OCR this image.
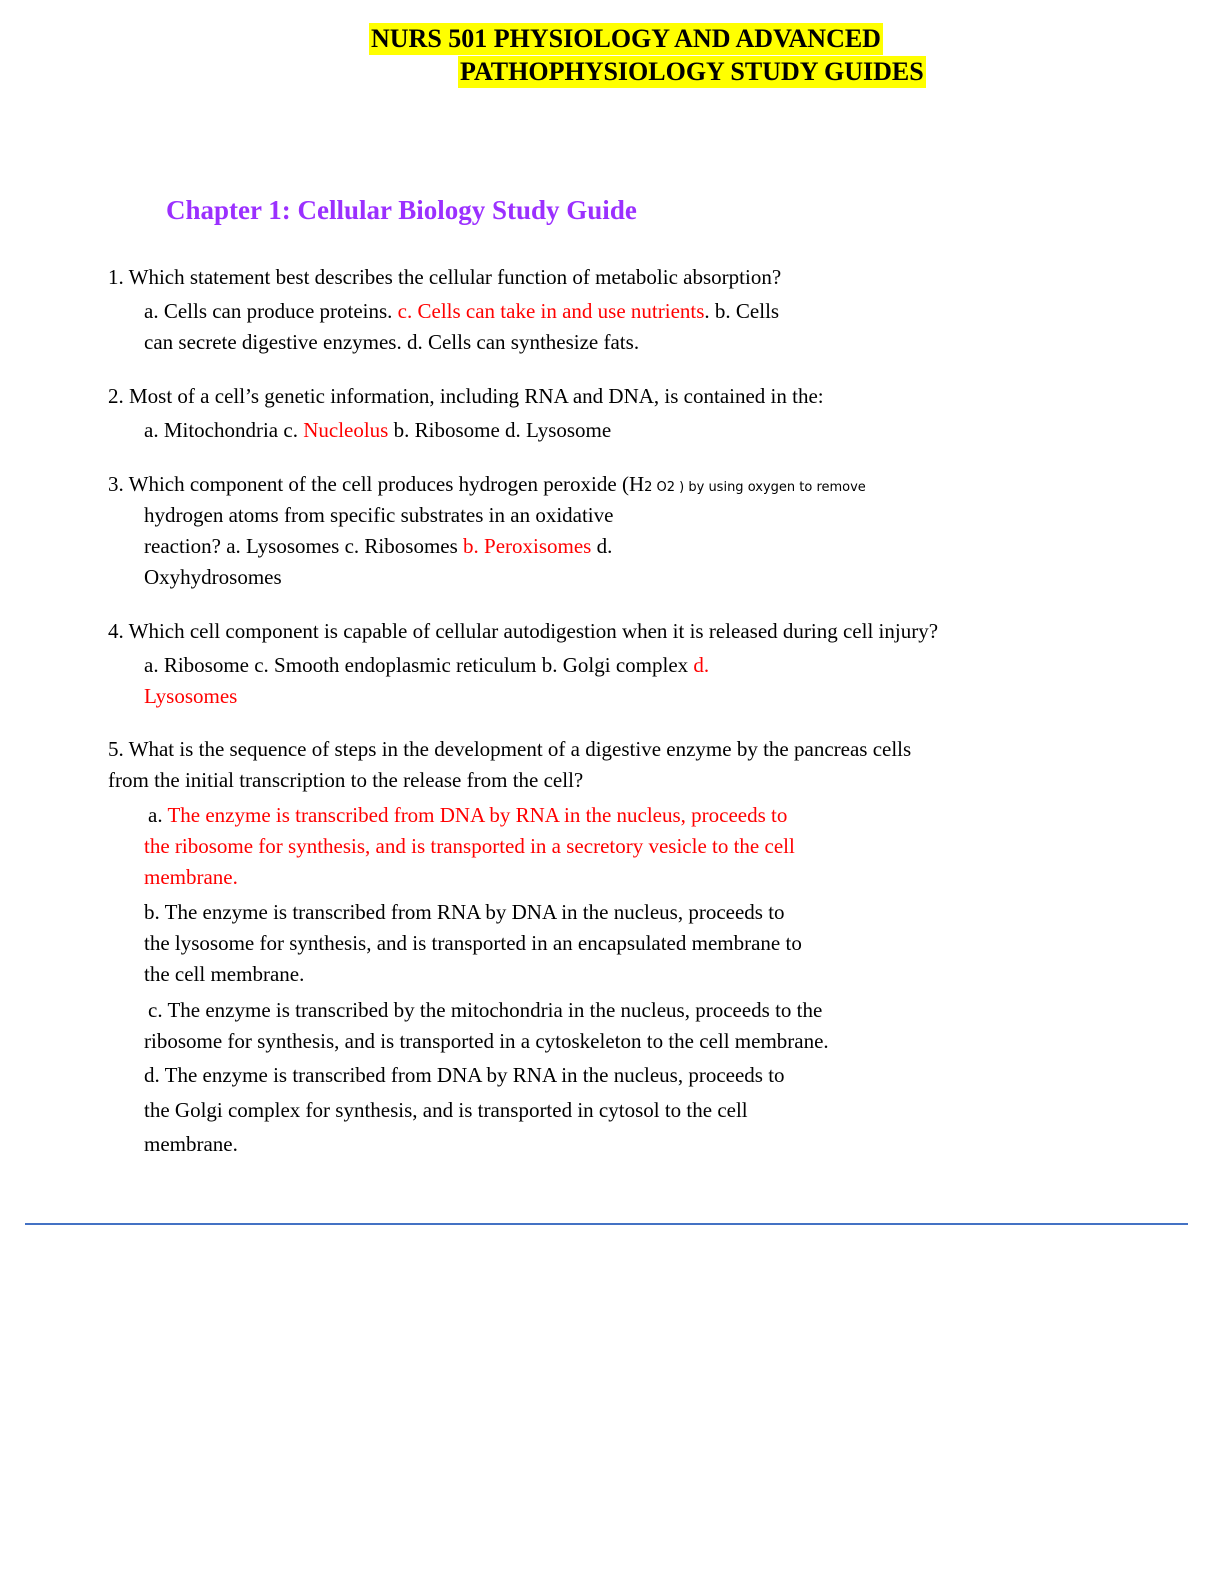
NURS 501 PHYSIOLOGY AND ADVANCED
PATHOPHYSIOLOGY STUDY GUIDES
Chapter 1: Cellular Biology Study Guide
1. Which statement best describes the cellular function of metabolic absorption?
a. Cells can produce proteins. c. Cells can take in and use nutrients. b. Cells
can secrete digestive enzymes. d. Cells can synthesize fats.
2. Most of a cell’s genetic information, including RNA and DNA, is contained in the:
a. Mitochondria c. Nucleolus b. Ribosome d. Lysosome
3. Which component of the cell produces hydrogen peroxide (H2 O2 ) by using oxygen to remove
hydrogen atoms from specific substrates in an oxidative
reaction? a. Lysosomes c. Ribosomes b. Peroxisomes d.
Oxyhydrosomes
4. Which cell component is capable of cellular autodigestion when it is released during cell injury?
a. Ribosome c. Smooth endoplasmic reticulum b. Golgi complex d.
Lysosomes
5. What is the sequence of steps in the development of a digestive enzyme by the pancreas cells
from the initial transcription to the release from the cell?
a. The enzyme is transcribed from DNA by RNA in the nucleus, proceeds to
the ribosome for synthesis, and is transported in a secretory vesicle to the cell
membrane.
b. The enzyme is transcribed from RNA by DNA in the nucleus, proceeds to
the lysosome for synthesis, and is transported in an encapsulated membrane to
the cell membrane.
c. The enzyme is transcribed by the mitochondria in the nucleus, proceeds to the
ribosome for synthesis, and is transported in a cytoskeleton to the cell membrane.
d. The enzyme is transcribed from DNA by RNA in the nucleus, proceeds to
the Golgi complex for synthesis, and is transported in cytosol to the cell
membrane.
